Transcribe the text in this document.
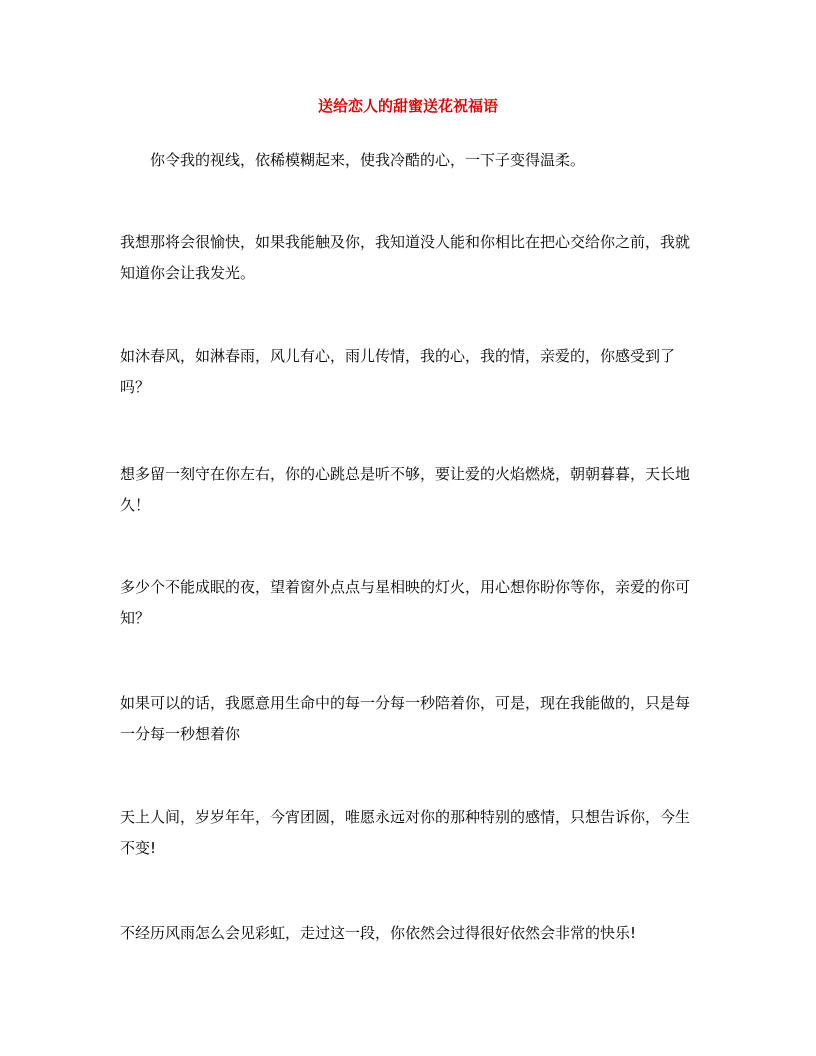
送给恋人的甜蜜送花祝福语

你令我的视线，依稀模糊起来，使我冷酷的心，一下子变得温柔。

我想那将会很愉快，如果我能触及你，我知道没人能和你相比在把心交给你之前，我就知道你会让我发光。

如沐春风，如淋春雨，风儿有心，雨儿传情，我的心，我的情，亲爱的，你感受到了吗？

想多留一刻守在你左右，你的心跳总是听不够，要让爱的火焰燃烧，朝朝暮暮，天长地久！

多少个不能成眠的夜，望着窗外点点与星相映的灯火，用心想你盼你等你，亲爱的你可知？

如果可以的话，我愿意用生命中的每一分每一秒陪着你，可是，现在我能做的，只是每一分每一秒想着你

天上人间，岁岁年年，今宵团圆，唯愿永远对你的那种特别的感情，只想告诉你，今生不变!

不经历风雨怎么会见彩虹，走过这一段，你依然会过得很好依然会非常的快乐!
